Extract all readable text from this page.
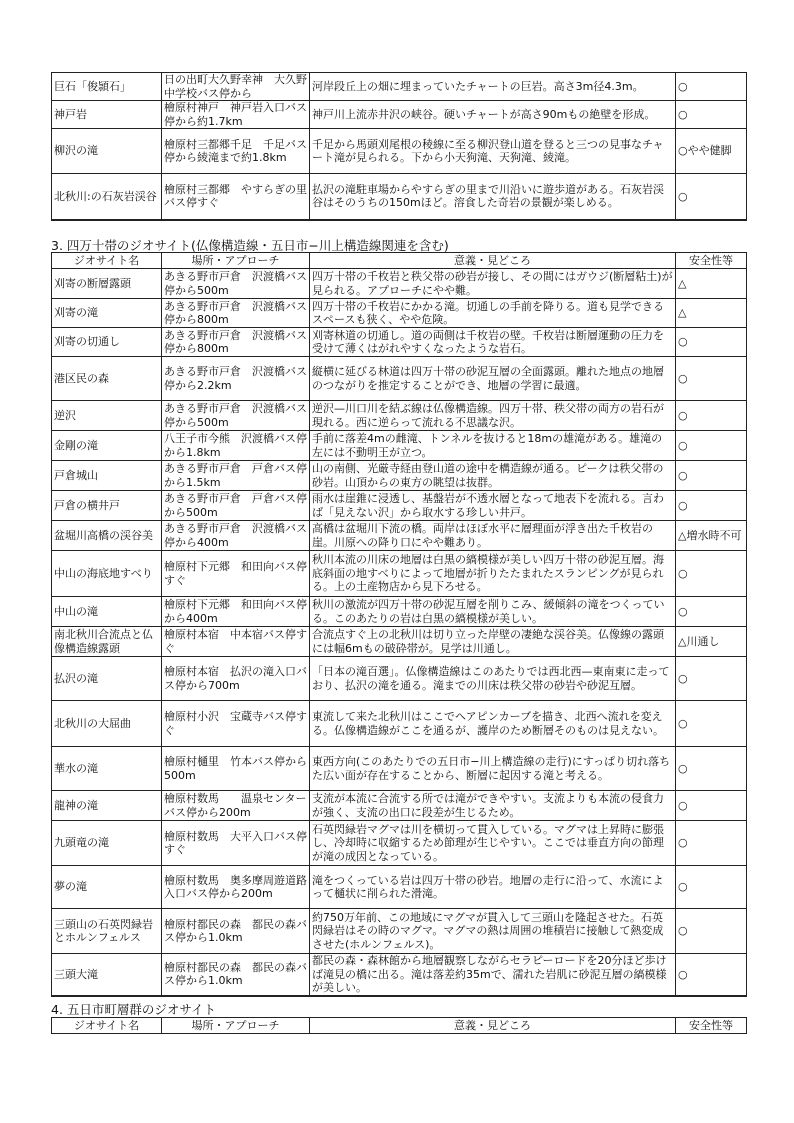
巨石「俊頴石」	日の出町大久野幸神　大久野中学校バス停から	河岸段丘上の畑に埋まっていたチャートの巨岩。高さ3m径4.3m。	○
神戸岩	檜原村神戸　神戸岩入口バス停から約1.7km	神戸川上流赤井沢の峡谷。硬いチャートが高さ90mもの絶壁を形成。	○
柳沢の滝	檜原村三都郷千足　千足バス停から綾滝まで約1.8km	千足から馬頭刈尾根の稜線に至る柳沢登山道を登ると三つの見事なチャート滝が見られる。下から小天狗滝、天狗滝、綾滝。	○やや健脚
北秋川:の石灰岩渓谷	檜原村三都郷　やすらぎの里バス停すぐ	払沢の滝駐車場からやすらぎの里まで川沿いに遊歩道がある。石灰岩渓谷はそのうちの150mほど。溶食した奇岩の景観が楽しめる。	○
3. 四万十帯のジオサイト(仏像構造線・五日市−川上構造線関連を含む)
ジオサイト名	場所・アプローチ	意義・見どころ	安全性等
刈寄の断層露頭	あきる野市戸倉　沢渡橋バス停から500m	四万十帯の千枚岩と秩父帯の砂岩が接し、その間にはガウジ(断層粘土)が見られる。アプローチにやや難。	△
刈寄の滝	あきる野市戸倉　沢渡橋バス停から800m	四万十帯の千枚岩にかかる滝。切通しの手前を降りる。道も見学できるスペースも狭く、やや危険。	△
刈寄の切通し	あきる野市戸倉　沢渡橋バス停から800m	刈寄林道の切通し。道の両側は千枚岩の壁。千枚岩は断層運動の圧力を受けて薄くはがれやすくなったような岩石。	○
港区民の森	あきる野市戸倉　沢渡橋バス停から2.2km	縦横に延びる林道は四万十帯の砂泥互層の全面露頭。離れた地点の地層のつながりを推定することができ、地層の学習に最適。	○
逆沢	あきる野市戸倉　沢渡橋バス停から500m	逆沢—川口川を結ぶ線は仏像構造線。四万十帯、秩父帯の両方の岩石が現れる。西に逆らって流れる不思議な沢。	○
金剛の滝	八王子市今熊　沢渡橋バス停から1.8km	手前に落差4mの雌滝、トンネルを抜けると18mの雄滝がある。雄滝の左には不動明王が立つ。	○
戸倉城山	あきる野市戸倉　戸倉バス停から1.5km	山の南側、光厳寺経由登山道の途中を構造線が通る。ピークは秩父帯の砂岩。山頂からの東方の眺望は抜群。	○
戸倉の横井戸	あきる野市戸倉　戸倉バス停から500m	雨水は崖錐に浸透し、基盤岩が不透水層となって地表下を流れる。言わば「見えない沢」から取水する珍しい井戸。	○
盆堀川高橋の渓谷美	あきる野市戸倉　沢渡橋バス停から400m	高橋は盆堀川下流の橋。両岸はほぼ水平に層理面が浮き出た千枚岩の崖。川原への降り口にやや難あり。	△増水時不可
中山の海底地すべり	檜原村下元郷　和田向バス停すぐ	秋川本流の川床の地層は白黒の縞模様が美しい四万十帯の砂泥互層。海底斜面の地すべりによって地層が折りたたまれたスランピングが見られる。上の土産物店から見下ろせる。	○
中山の滝	檜原村下元郷　和田向バス停から400m	秋川の激流が四万十帯の砂泥互層を削りこみ、緩傾斜の滝をつくっている。このあたりの岩は白黒の縞模様が美しい。	○
南北秋川合流点と仏像構造線露頭	檜原村本宿　中本宿バス停すぐ	合流点すぐ上の北秋川は切り立った岸壁の凄絶な渓谷美。仏像線の露頭には幅6mもの破砕帯が。見学は川通し。	△川通し
払沢の滝	檜原村本宿　払沢の滝入口バス停から700m	「日本の滝百選」。仏像構造線はこのあたりでは西北西—東南東に走っており、払沢の滝を通る。滝までの川床は秩父帯の砂岩や砂泥互層。	○
北秋川の大屈曲	檜原村小沢　宝蔵寺バス停すぐ	東流して来た北秋川はここでヘアピンカーブを描き、北西へ流れを変える。仏像構造線がここを通るが、護岸のため断層そのものは見えない。	○
華水の滝	檜原村樋里　竹本バス停から500m	東西方向(このあたりでの五日市−川上構造線の走行)にすっぱり切れ落ちた広い面が存在することから、断層に起因する滝と考える。	○
龍神の滝	檜原村数馬　　温泉センターバス停から200m	支流が本流に合流する所では滝ができやすい。支流よりも本流の侵食力が強く、支流の出口に段差が生じるため。	○
九頭竜の滝	檜原村数馬　大平入口バス停すぐ	石英閃緑岩マグマは川を横切って貫入している。マグマは上昇時に膨張し、冷却時に収縮するため節理が生じやすい。ここでは垂直方向の節理が滝の成因となっている。	○
夢の滝	檜原村数馬　奥多摩周遊道路入口バス停から200m	滝をつくっている岩は四万十帯の砂岩。地層の走行に沿って、水流によって樋状に削られた滑滝。	○
三頭山の石英閃緑岩とホルンフェルス	檜原村都民の森　都民の森バス停から1.0km	約750万年前、この地域にマグマが貫入して三頭山を隆起させた。石英閃緑岩はその時のマグマ。マグマの熱は周囲の堆積岩に接触して熱変成させた(ホルンフェルス)。	○
三頭大滝	檜原村都民の森　都民の森バス停から1.0km	都民の森・森林館から地層観察しながらセラピーロードを20分ほど歩けば滝見の橋に出る。滝は落差約35mで、濡れた岩肌に砂泥互層の縞模様が美しい。	○
4. 五日市町層群のジオサイト
ジオサイト名	場所・アプローチ	意義・見どころ	安全性等
